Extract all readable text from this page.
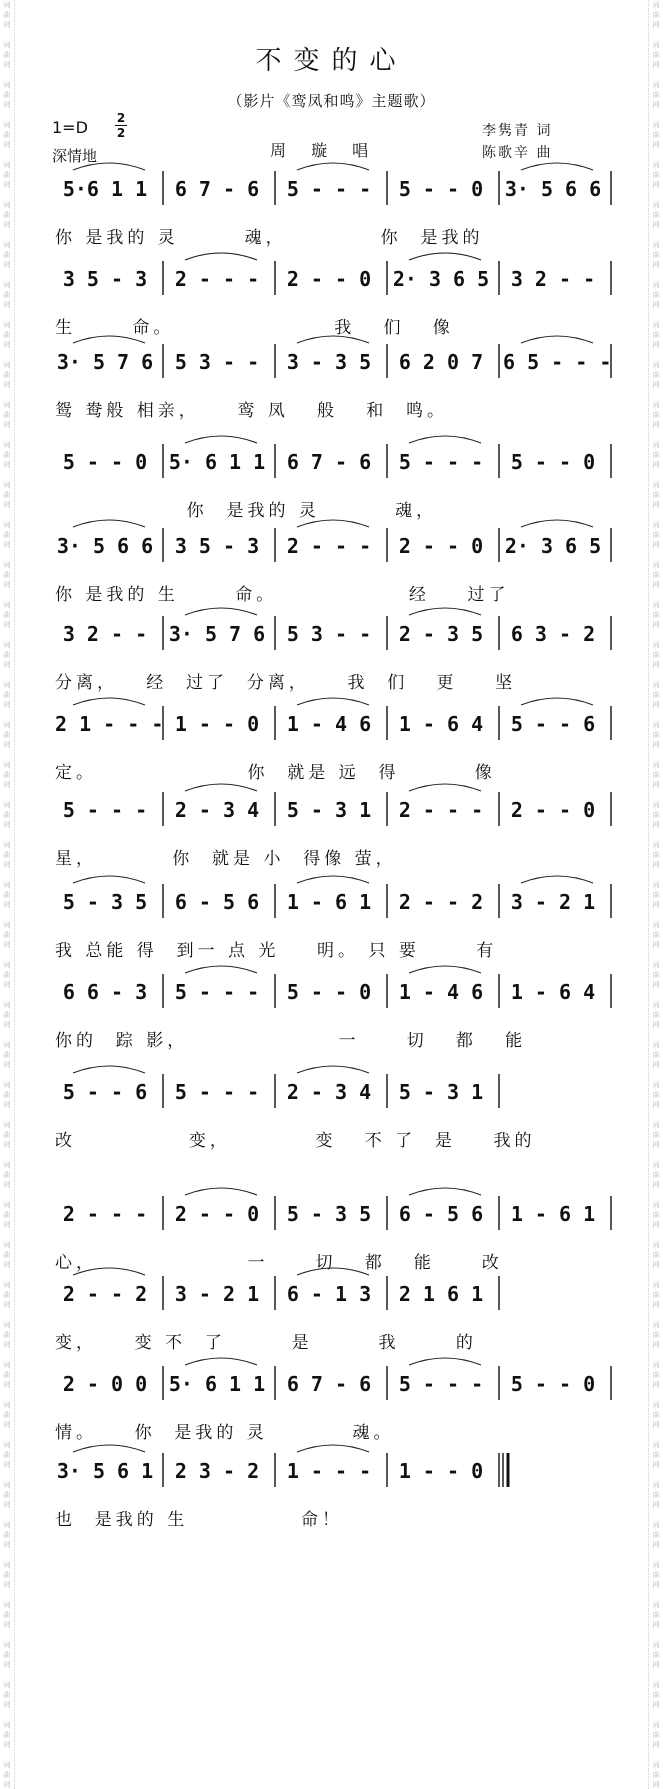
词
曲
网

词
曲
网

词
曲
网

词
曲
网

词
曲
网

词
曲
网

词
曲
网

词
曲
网

词
曲
网

词
曲
网

词
曲
网

词
曲
网

词
曲
网

词
曲
网

词
曲
网

词
曲
网

词
曲
网

词
曲
网

词
曲
网

词
曲
网

词
曲
网

词
曲
网

词
曲
网

词
曲
网

词
曲
网

词
曲
网

词
曲
网

词
曲
网

词
曲
网

词
曲
网

词
曲
网

词
曲
网

词
曲
网

词
曲
网

词
曲
网

词
曲
网

词
曲
网

词
曲
网

词
曲
网

词
曲
网

词
曲
网

词
曲
网

词
曲
网

词
曲
网

词
曲
网
词
曲
网

词
曲
网

词
曲
网

词
曲
网

词
曲
网

词
曲
网

词
曲
网

词
曲
网

词
曲
网

词
曲
网

词
曲
网

词
曲
网

词
曲
网

词
曲
网

词
曲
网

词
曲
网

词
曲
网

词
曲
网

词
曲
网

词
曲
网

词
曲
网

词
曲
网

词
曲
网

词
曲
网

词
曲
网

词
曲
网

词
曲
网

词
曲
网

词
曲
网

词
曲
网

词
曲
网

词
曲
网

词
曲
网

词
曲
网

词
曲
网

词
曲
网

词
曲
网

词
曲
网

词
曲
网

词
曲
网

词
曲
网

词
曲
网

词
曲
网

词
曲
网

词
曲
网
不变的心
（影片《鸾凤和鸣》主题歌）
1=D 2
2
深情地	周 璇 唱
李隽青 词
陈歌辛 曲
5·6 1 1	6 7 - 6	5 - - -	5 - - 0	3· 5 6 6
你 是我的 灵       魂，          你  是我的
3 5 - 3	2 - - -	2 - - 0	2· 3 6 5	3 2 - -
生      命。                 我   们   像
3· 5 7 6	5 3 - -	3 - 3 5	6 2 0 7 6 5 - - -
鸳 鸯般 相亲，    鸾 凤   般   和  鸣。
5 - - 0	5· 6 1 1	6 7 - 6	5 - - -	5 - - 0
你  是我的 灵        魂，
3· 5 6 6	3 5 - 3	2 - - -	2 - - 0	2· 3 6 5
你 是我的 生      命。              经    过了
3 2 - -	3· 5 7 6	5 3 - -	2 - 3 5	6 3 - 2
分离，   经  过了  分离，    我  们   更    坚
2 1 - - - 1 - - 0	1 - 4 6	1 - 6 4	5 - - 6
定。                你  就是 远  得        像
5 - - -	2 - 3 4	5 - 3 1	2 - - -	2 - - 0
星，        你  就是 小  得像 萤，
5 - 3 5	6 - 5 6	1 - 6 1	2 - - 2	3 - 2 1
我 总能 得  到一 点 光    明。 只 要      有
6 6 - 3	5 - - -	5 - - 0	1 - 4 6	1 - 6 4
你的  踪 影，                一     切   都   能
5 - - 6	5 - - -	2 - 3 4	5 - 3 1
改            变，         变   不 了  是    我的
2 - - -	2 - - 0	5 - 3 5	6 - 5 6	1 - 6 1
心，                一     切   都   能     改
2 - - 2	3 - 2 1	6 - 1 3	2 1 6 1
变，    变 不  了       是       我      的
2 - 0 0	5· 6 1 1	6 7 - 6	5 - - -	5 - - 0
情。    你  是我的 灵         魂。
3· 5 6 1	2 3 - 2	1 - - -	1 - - 0
也  是我的 生            命！
